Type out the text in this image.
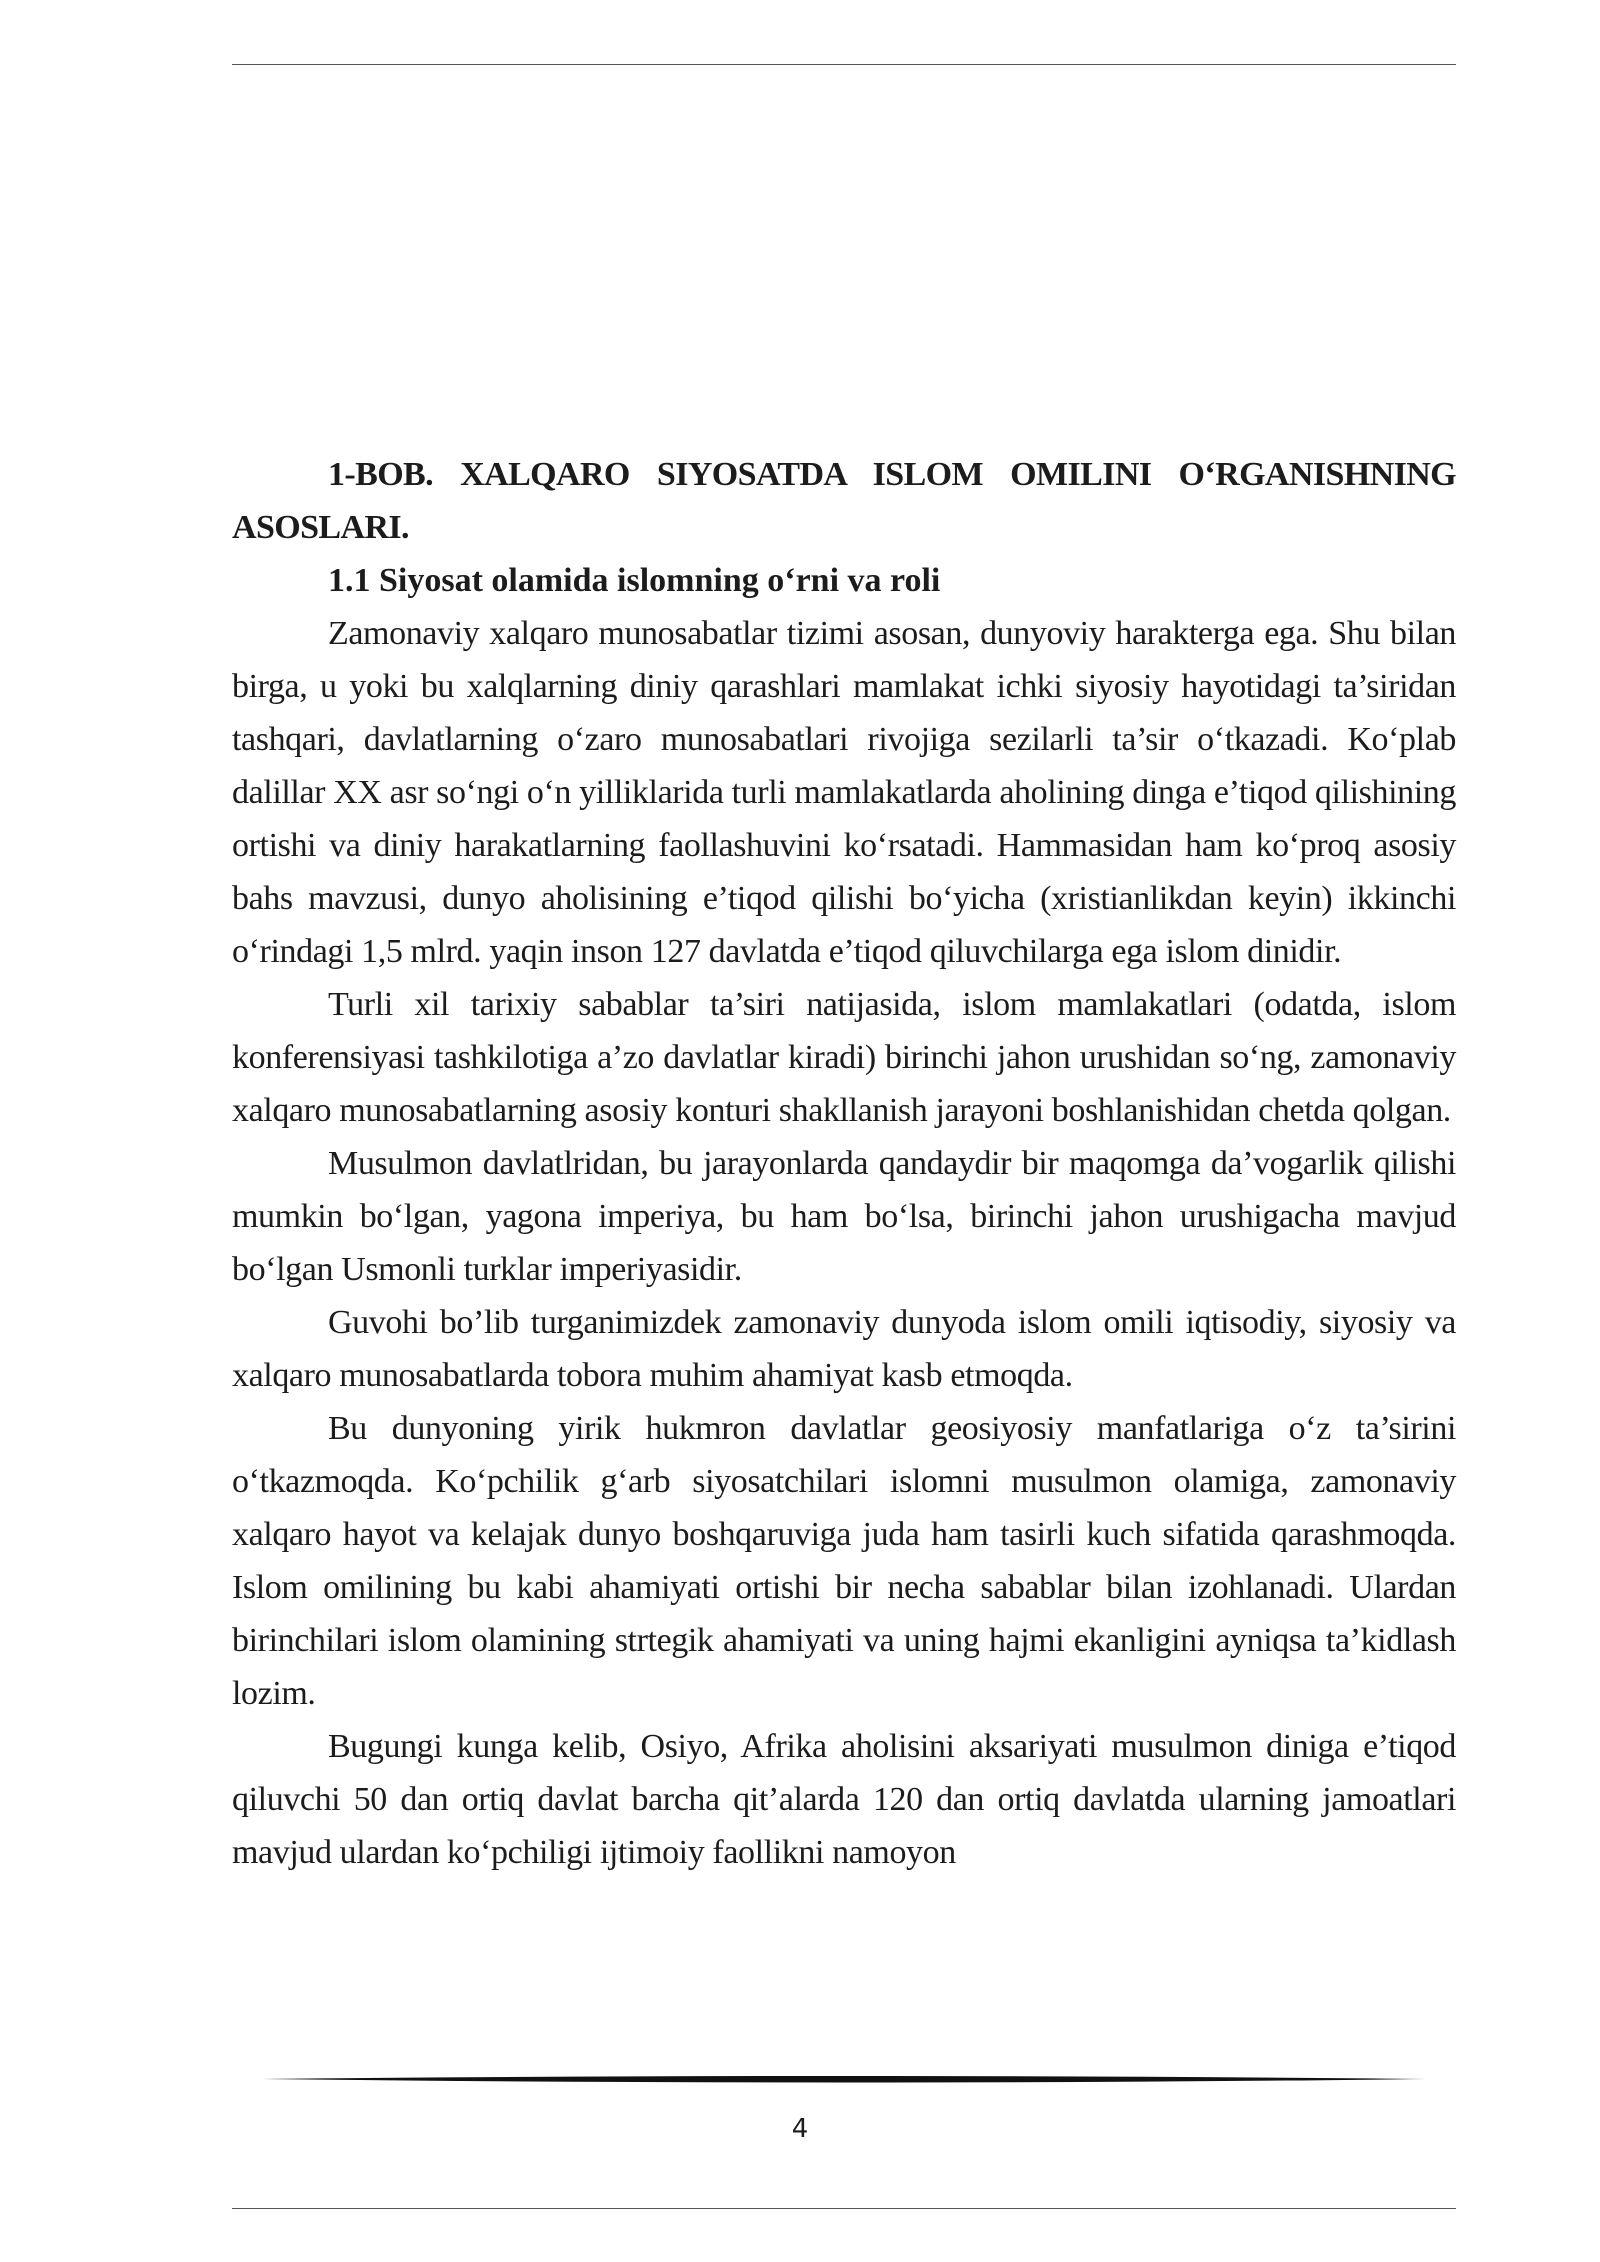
1-BOB. XALQARO SIYOSATDA ISLOM OMILINI O‘RGANISHNING ASOSLARI.
1.1 Siyosat olamida islomning o‘rni va roli

Zamonaviy xalqaro munosabatlar tizimi asosan, dunyoviy harakterga ega. Shu bilan birga, u yoki bu xalqlarning diniy qarashlari mamlakat ichki siyosiy hayotidagi ta’siridan tashqari, davlatlarning o‘zaro munosabatlari rivojiga sezilarli ta’sir o‘tkazadi. Ko‘plab dalillar XX asr so‘ngi o‘n yilliklarida turli mamlakatlarda aholining dinga e’tiqod qilishining ortishi va diniy harakatlarning faollashuvini ko‘rsatadi. Hammasidan ham ko‘proq asosiy bahs mavzusi, dunyo aholisining e’tiqod qilishi bo‘yicha (xristianlikdan keyin) ikkinchi o‘rindagi 1,5 mlrd. yaqin inson 127 davlatda e’tiqod qiluvchilarga ega islom dinidir.

Turli xil tarixiy sabablar ta’siri natijasida, islom mamlakatlari (odatda, islom konferensiyasi tashkilotiga a’zo davlatlar kiradi) birinchi jahon urushidan so‘ng, zamonaviy xalqaro munosabatlarning asosiy konturi shakllanish jarayoni boshlanishidan chetda qolgan.

Musulmon davlatlridan, bu jarayonlarda qandaydir bir maqomga da’vogarlik qilishi mumkin bo‘lgan, yagona imperiya, bu ham bo‘lsa, birinchi jahon urushigacha mavjud bo‘lgan Usmonli turklar imperiyasidir.

Guvohi bo’lib turganimizdek zamonaviy dunyoda islom omili iqtisodiy, siyosiy va xalqaro munosabatlarda tobora muhim ahamiyat kasb etmoqda.

Bu dunyoning yirik hukmron davlatlar geosiyosiy manfatlariga o‘z ta’sirini o‘tkazmoqda. Ko‘pchilik g‘arb siyosatchilari islomni musulmon olamiga, zamonaviy xalqaro hayot va kelajak dunyo boshqaruviga juda ham tasirli kuch sifatida qarashmoqda. Islom omilining bu kabi ahamiyati ortishi bir necha sabablar bilan izohlanadi. Ulardan birinchilari islom olamining strtegik ahamiyati va uning hajmi ekanligini ayniqsa ta’kidlash lozim.

Bugungi kunga kelib, Osiyo, Afrika aholisini aksariyati musulmon diniga e’tiqod qiluvchi 50 dan ortiq davlat barcha qit’alarda 120 dan ortiq davlatda ularning jamoatlari mavjud ulardan ko‘pchiligi ijtimoiy faollikni namoyon

4
